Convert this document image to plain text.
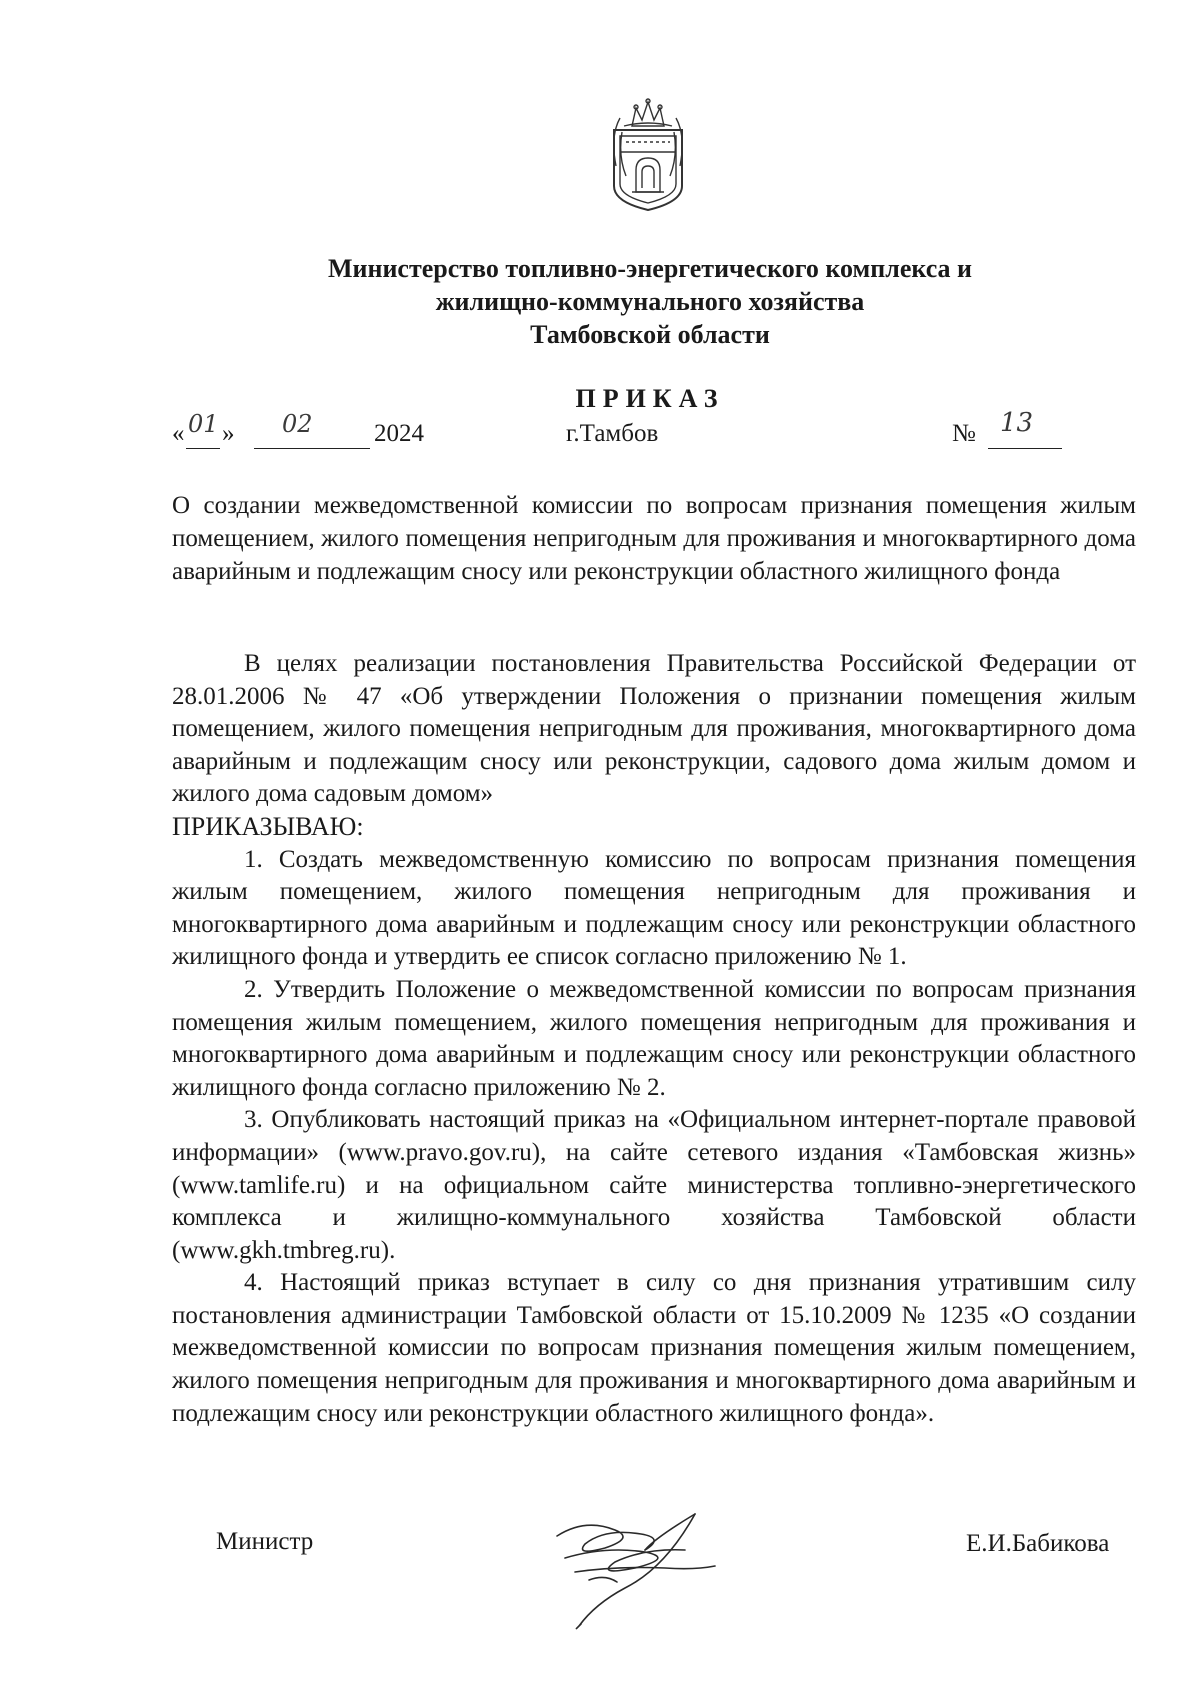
Министерство топливно-энергетического комплекса и
жилищно-коммунального хозяйства
Тамбовской области
ПРИКАЗ
« 01 » 02 2024	г.Тамбов	№ 13
О создании межведомственной комиссии по вопросам признания помещения жилым помещением, жилого помещения непригодным для проживания и многоквартирного дома аварийным и подлежащим сносу или реконструкции областного жилищного фонда

В целях реализации постановления Правительства Российской Федерации от 28.01.2006 № 47 «Об утверждении Положения о признании помещения жилым помещением, жилого помещения непригодным для проживания, многоквартирного дома аварийным и подлежащим сносу или реконструкции, садового дома жилым домом и жилого дома садовым домом»

ПРИКАЗЫВАЮ:

1. Создать межведомственную комиссию по вопросам признания помещения жилым помещением, жилого помещения непригодным для проживания и многоквартирного дома аварийным и подлежащим сносу или реконструкции областного жилищного фонда и утвердить ее список согласно приложению № 1.

2. Утвердить Положение о межведомственной комиссии по вопросам признания помещения жилым помещением, жилого помещения непригодным для проживания и многоквартирного дома аварийным и подлежащим сносу или реконструкции областного жилищного фонда согласно приложению № 2.

3. Опубликовать настоящий приказ на «Официальном интернет-портале правовой информации» (www.pravo.gov.ru), на сайте сетевого издания «Тамбовская жизнь» (www.tamlife.ru) и на официальном сайте министерства топливно-энергетического комплекса и жилищно-коммунального хозяйства Тамбовской области (www.gkh.tmbreg.ru).

4. Настоящий приказ вступает в силу со дня признания утратившим силу постановления администрации Тамбовской области от 15.10.2009 № 1235 «О создании межведомственной комиссии по вопросам признания помещения жилым помещением, жилого помещения непригодным для проживания и многоквартирного дома аварийным и подлежащим сносу или реконструкции областного жилищного фонда».

Министр	Е.И.Бабикова
